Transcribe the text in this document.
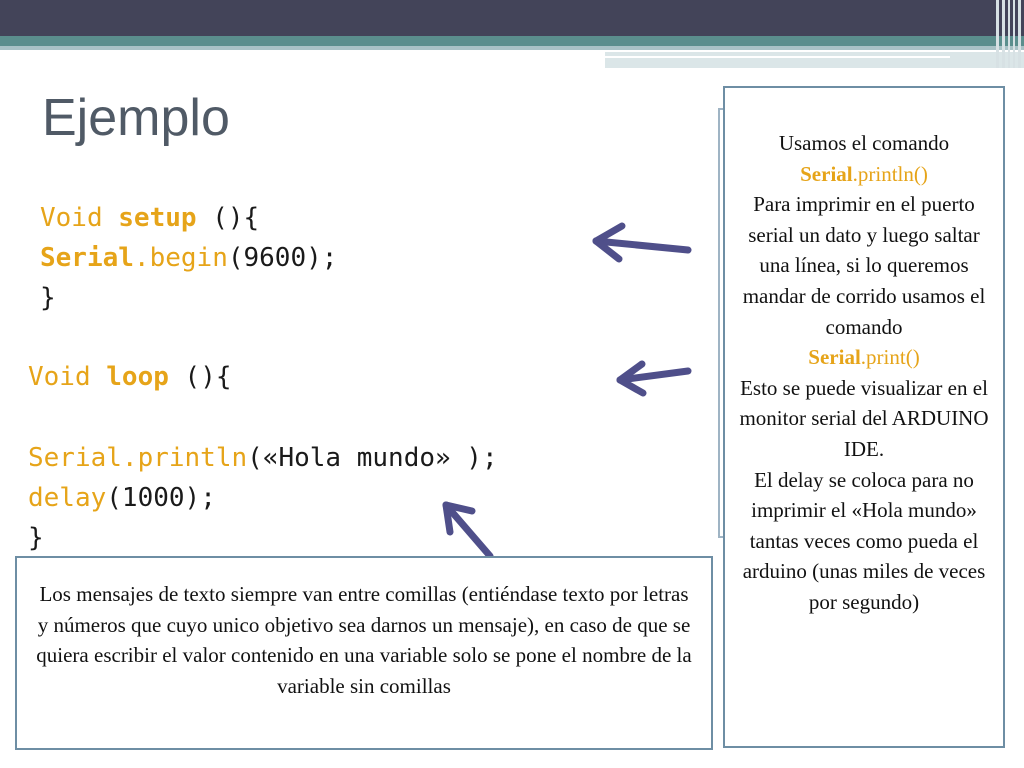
Ejemplo
Void setup (){
Serial.begin(9600);
}
Void loop (){
Serial.println(«Hola mundo» );
delay(1000);
}
Usamos el comando
Serial.println()
Para imprimir en el puerto serial un dato y luego saltar una línea, si lo queremos mandar de corrido usamos el comando
Serial.print()
Esto se puede visualizar en el monitor serial del ARDUINO IDE.
El delay se coloca para no imprimir el «Hola mundo» tantas veces como pueda el arduino (unas miles de veces por segundo)
Los mensajes de texto siempre van entre comillas (entiéndase texto por letras y números que cuyo unico objetivo sea darnos un mensaje), en caso de que se quiera escribir el valor contenido en una variable solo se pone el nombre de la variable sin comillas
